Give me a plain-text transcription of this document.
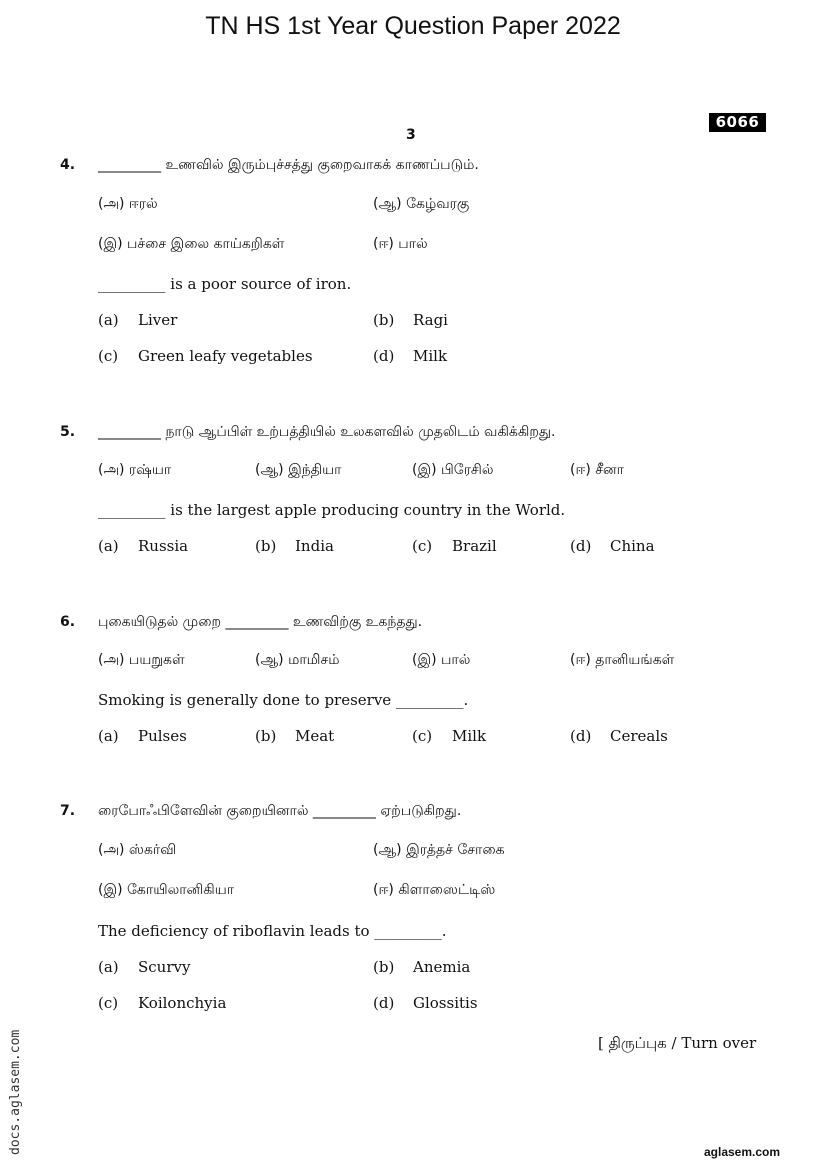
TN HS 1st Year Question Paper 2022
6066
3
4. _________ உணவில் இரும்புச்சத்து குறைவாகக் காணப்படும்.
(அ) ஈரல்	(ஆ) கேழ்வரகு
(இ) பச்சை இலை காய்கறிகள்	(ஈ) பால்
_________ is a poor source of iron.
(a) Liver	(b) Ragi
(c) Green leafy vegetables	(d) Milk
5. _________ நாடு ஆப்பிள் உற்பத்தியில் உலகளவில் முதலிடம் வகிக்கிறது.
(அ) ரஷ்யா	(ஆ) இந்தியா	(இ) பிரேசில்	(ஈ) சீனா
_________ is the largest apple producing country in the World.
(a) Russia	(b) India	(c) Brazil	(d) China
6. புகையிடுதல் முறை _________ உணவிற்கு உகந்தது.
(அ) பயறுகள்	(ஆ) மாமிசம்	(இ) பால்	(ஈ) தானியங்கள்
Smoking is generally done to preserve _________.
(a) Pulses	(b) Meat	(c) Milk	(d) Cereals
7. ரைபோஃபிளேவின் குறையினால் _________ ஏற்படுகிறது.
(அ) ஸ்கர்வி	(ஆ) இரத்தச் சோகை
(இ) கோயிலானிகியா	(ஈ) கிளாஸைட்டிஸ்
The deficiency of riboflavin leads to _________.
(a) Scurvy	(b) Anemia
(c) Koilonchyia	(d) Glossitis
[ திருப்புக / Turn over
docs.aglasem.com	aglasem.com
